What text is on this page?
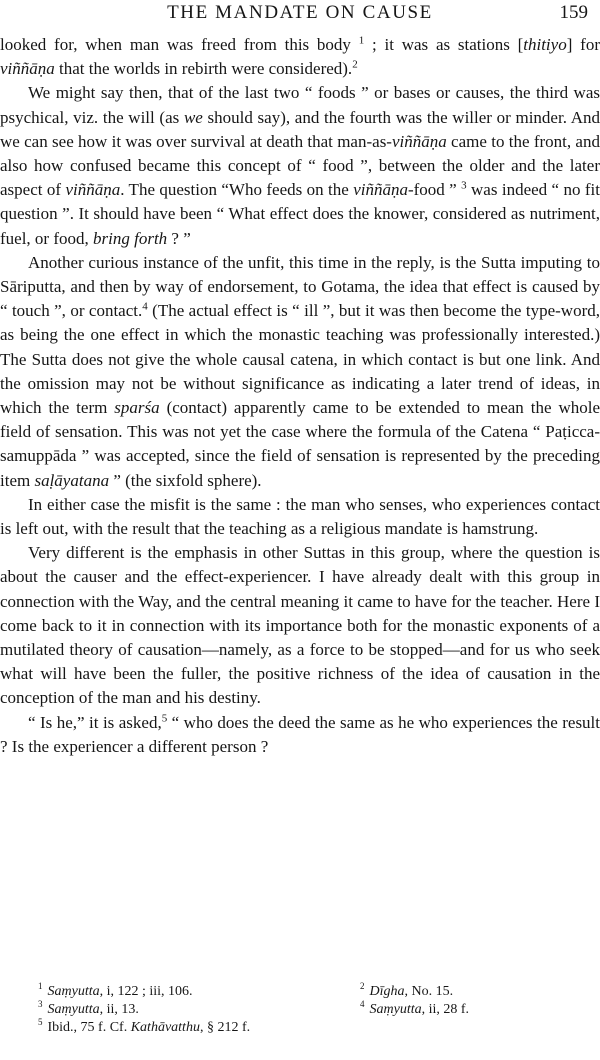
THE MANDATE ON CAUSE	159

looked for, when man was freed from this body $^1$ ; it was as stations [thitiyo] for viññāṇa that the worlds in rebirth were considered).$^2$

We might say then, that of the last two “ foods ” or bases or causes, the third was psychical, viz. the will (as we should say), and the fourth was the willer or minder. And we can see how it was over survival at death that man-as-viññāṇa came to the front, and also how confused became this concept of “ food ”, between the older and the later aspect of viññāṇa. The question “Who feeds on the viññāṇa-food ” $^3$ was indeed “ no fit question ”. It should have been “ What effect does the knower, considered as nutriment, fuel, or food, bring forth ? ”

Another curious instance of the unfit, this time in the reply, is the Sutta imputing to Sāriputta, and then by way of endorsement, to Gotama, the idea that effect is caused by “ touch ”, or contact.$^4$ (The actual effect is “ ill ”, but it was then become the type-word, as being the one effect in which the monastic teaching was professionally interested.) The Sutta does not give the whole causal catena, in which contact is but one link. And the omission may not be without significance as indicating a later trend of ideas, in which the term sparśa (contact) apparently came to be extended to mean the whole field of sensation. This was not yet the case where the formula of the Catena “ Paṭicca-samuppāda ” was accepted, since the field of sensation is represented by the preceding item saḷāyatana ” (the sixfold sphere).

In either case the misfit is the same : the man who senses, who experiences contact is left out, with the result that the teaching as a religious mandate is hamstrung.

Very different is the emphasis in other Suttas in this group, where the question is about the causer and the effect-experiencer. I have already dealt with this group in connection with the Way, and the central meaning it came to have for the teacher. Here I come back to it in connection with its importance both for the monastic exponents of a mutilated theory of causation—namely, as a force to be stopped—and for us who seek what will have been the fuller, the positive richness of the idea of causation in the conception of the man and his destiny.

“ Is he,” it is asked,$^5$ “ who does the deed the same as he who experiences the result ? Is the experiencer a different person ?

$^1$ Saṃyutta, i, 122 ; iii, 106.	$^2$ Dīgha, No. 15.
$^3$ Saṃyutta, ii, 13.	$^4$ Saṃyutta, ii, 28 f.
$^5$ Ibid., 75 f. Cf. Kathāvatthu, § 212 f.
